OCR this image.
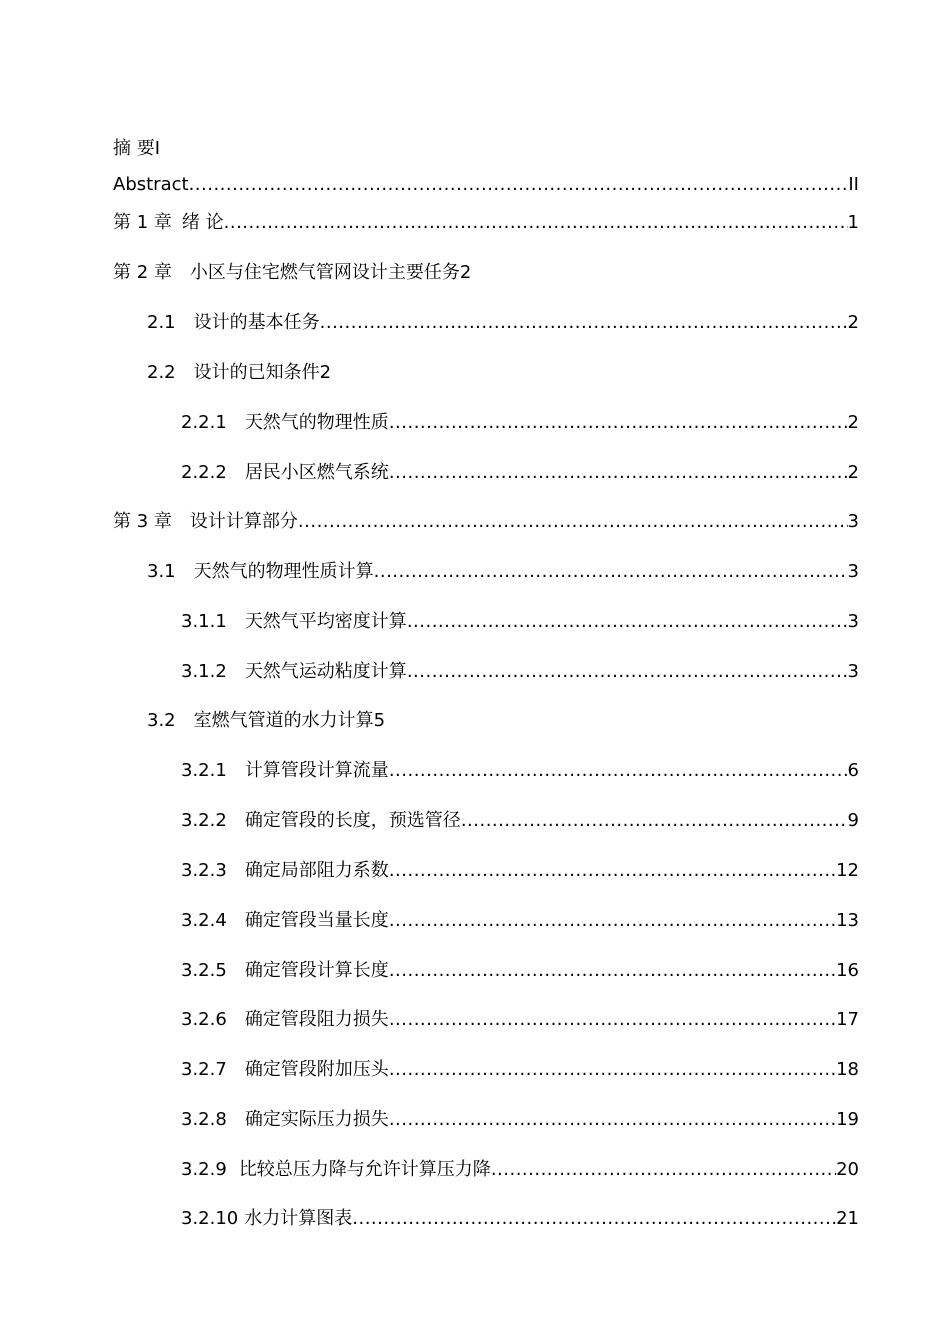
摘 要 I
Abstract .....	II
第 1 章 绪 论 .....	1
第 2 章 小区与住宅燃气管网设计主要任务 2
2.1 设计的基本任务 .....	2
2.2 设计的已知条件 2
2.2.1 天然气的物理性质 .....	2
2.2.2 居民小区燃气系统 .....	2
第 3 章 设计计算部分 .....	3
3.1 天然气的物理性质计算 .....	3
3.1.1 天然气平均密度计算 .....	3
3.1.2 天然气运动粘度计算 .....	3
3.2 室燃气管道的水力计算 5
3.2.1 计算管段计算流量 .....	6
3.2.2 确定管段的长度，预选管径 .....	9
3.2.3 确定局部阻力系数 .....	12
3.2.4 确定管段当量长度 .....	13
3.2.5 确定管段计算长度 .....	16
3.2.6 确定管段阻力损失 .....	17
3.2.7 确定管段附加压头 .....	18
3.2.8 确定实际压力损失 .....	19
3.2.9 比较总压力降与允许计算压力降 .....	20
3.2.10 水力计算图表 .....	21
